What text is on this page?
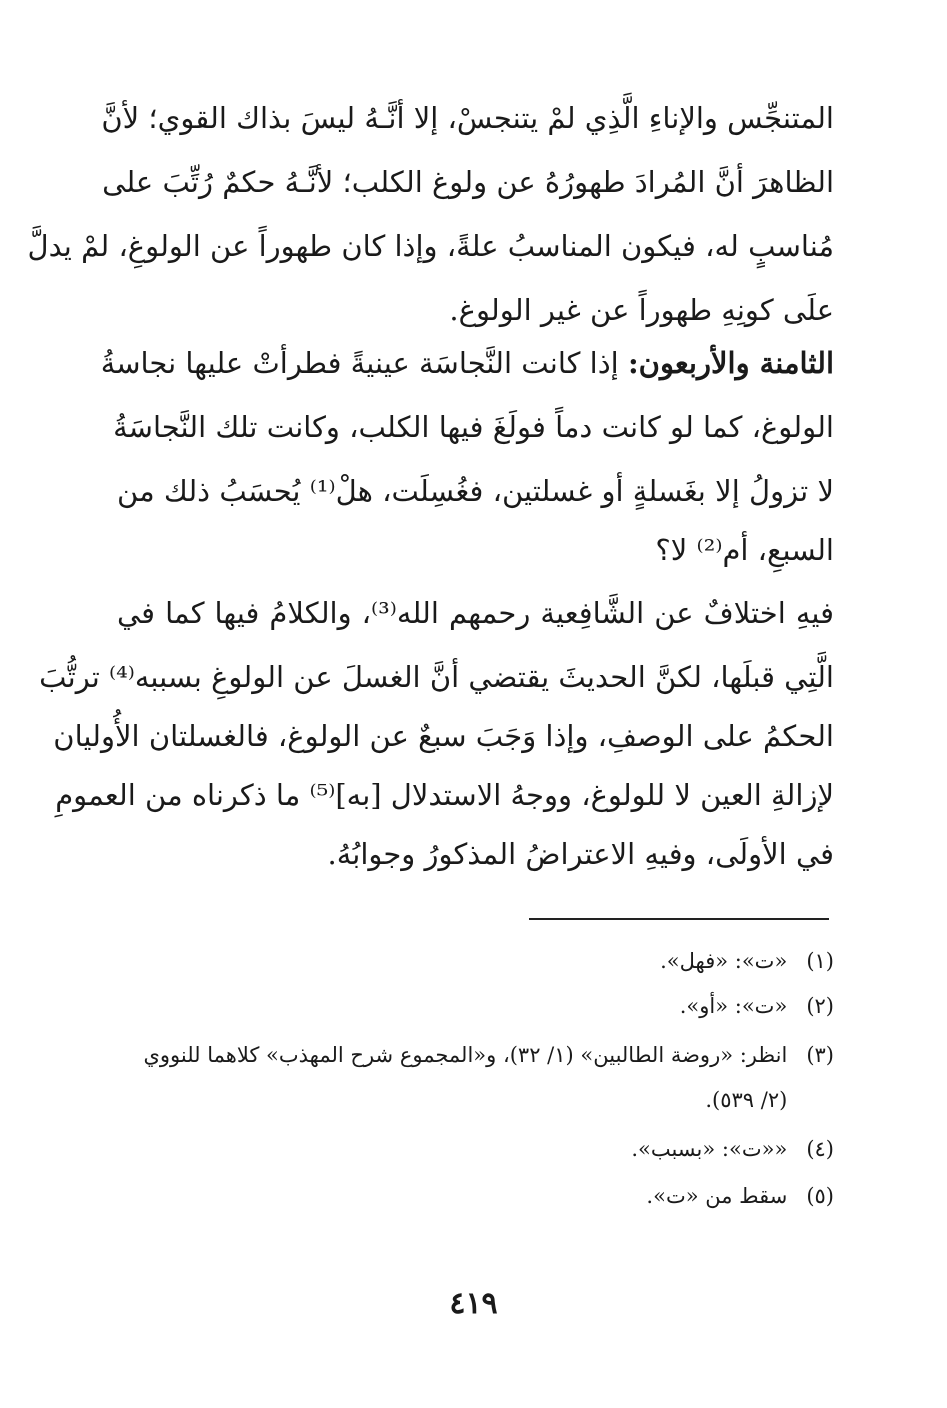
المتنجِّس والإناءِ الَّذِي لمْ يتنجسْ، إلا أنَّـهُ ليسَ بذاك القوي؛ لأنَّ
الظاهرَ أنَّ المُرادَ طهورُهُ عن ولوغ الكلب؛ لأنَّـهُ حكمٌ رُتِّبَ على
مُناسبٍ له، فيكون المناسبُ علةً، وإذا كان طهوراً عن الولوغِ، لمْ يدلَّ
علَى كونِهِ طهوراً عن غير الولوغ.
الثامنة والأربعون: إذا كانت النَّجاسَة عينيةً فطرأتْ عليها نجاسةُ
الولوغ، كما لو كانت دماً فولَغَ فيها الكلب، وكانت تلك النَّجاسَةُ
لا تزولُ إلا بغَسلةٍ أو غسلتين، فغُسِلَت، هلْ⁽¹⁾ يُحسَبُ ذلك من
السبعِ، أم⁽²⁾ لا؟
فيهِ اختلافٌ عن الشَّافِعية رحمهم الله⁽³⁾، والكلامُ فيها كما في
الَّتِي قبلَها، لكنَّ الحديثَ يقتضي أنَّ الغسلَ عن الولوغِ بسببه⁽⁴⁾ ترتُّبَ
الحكمُ على الوصفِ، وإذا وَجَبَ سبعٌ عن الولوغ، فالغسلتان الأُوليان
لإزالةِ العين لا للولوغ، ووجهُ الاستدلال [به]⁽⁵⁾ ما ذكرناه من العمومِ
في الأولَى، وفيهِ الاعتراضُ المذكورُ وجوابُهُ.
(١) «ت»: «فهل».
(٢) «ت»: «أو».
(٣) انظر: «روضة الطالبين» (١/ ٣٢)، و«المجموع شرح المهذب» كلاهما للنووي
(٢/ ٥٣٩).
(٤) ««ت»: «بسبب».
(٥) سقط من «ت».
٤١٩
